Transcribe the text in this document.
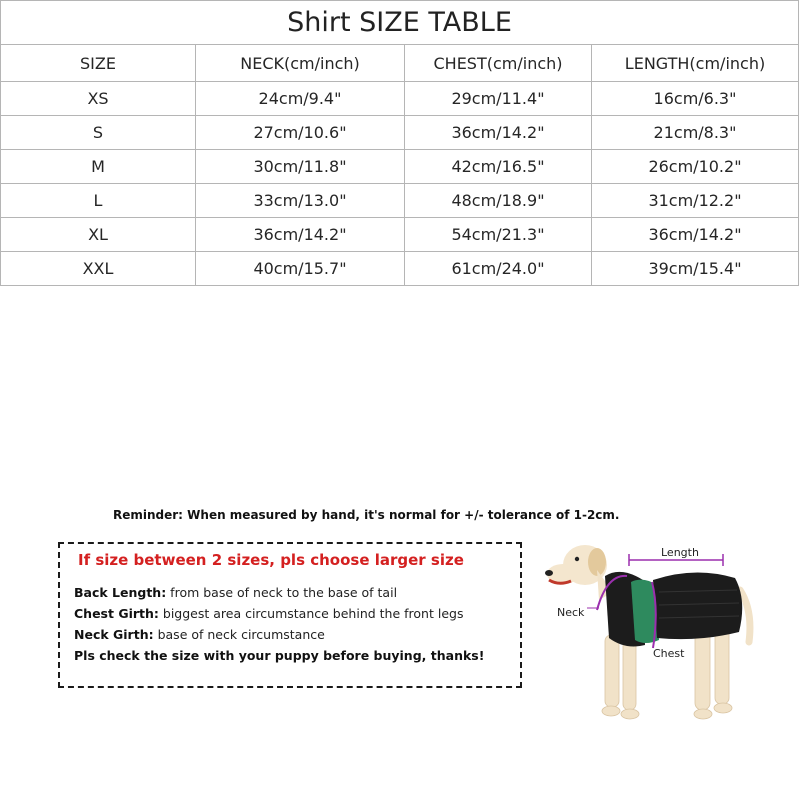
Shirt SIZE TABLE			
SIZE	NECK(cm/inch)	CHEST(cm/inch)	LENGTH(cm/inch)
XS	24cm/9.4"	29cm/11.4"	16cm/6.3"
S	27cm/10.6"	36cm/14.2"	21cm/8.3"
M	30cm/11.8"	42cm/16.5"	26cm/10.2"
L	33cm/13.0"	48cm/18.9"	31cm/12.2"
XL	36cm/14.2"	54cm/21.3"	36cm/14.2"
XXL	40cm/15.7"	61cm/24.0"	39cm/15.4"
Reminder: When measured by hand, it's normal for +/- tolerance of 1-2cm.
If size between 2 sizes, pls choose larger size
Back Length: from base of neck to the base of tail
Chest Girth: biggest area circumstance behind the front legs
Neck Girth: base of neck circumstance
Pls check the size with your puppy before buying, thanks!
Length
Neck
Chest
